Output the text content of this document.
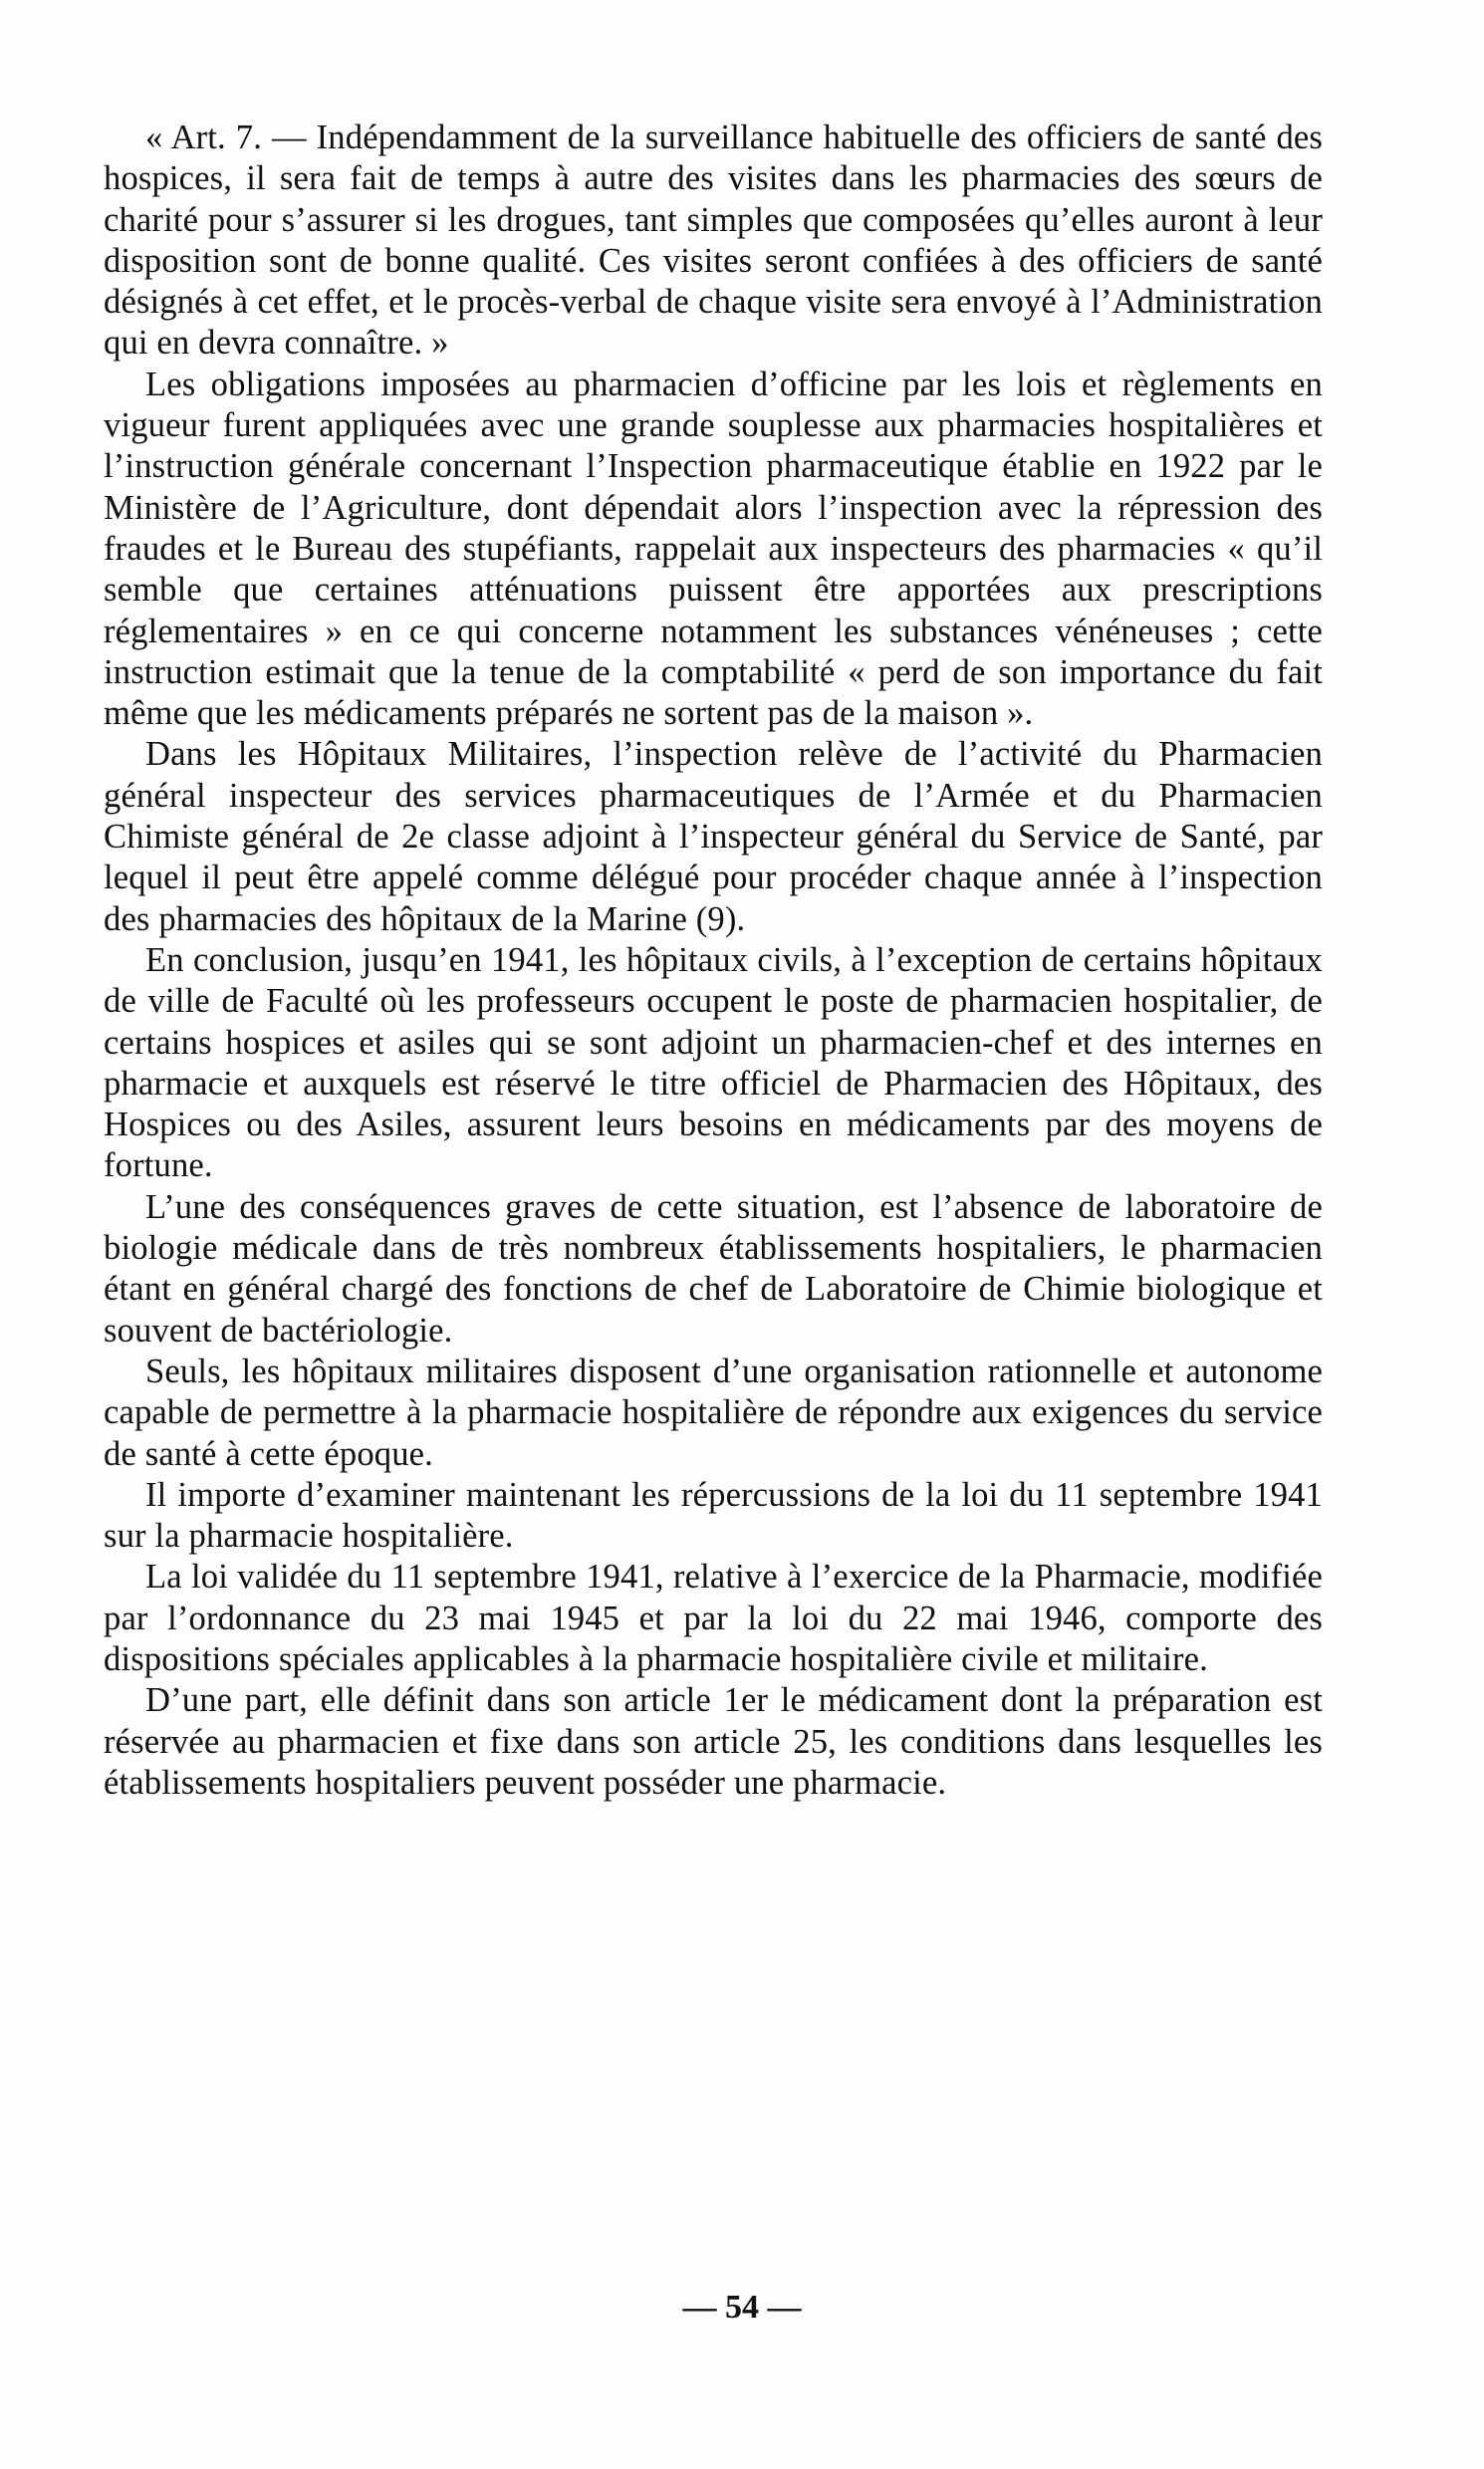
« Art. 7. — Indépendamment de la surveillance habituelle des officiers de santé des hospices, il sera fait de temps à autre des visites dans les pharmacies des sœurs de charité pour s’assurer si les drogues, tant simples que composées qu’elles auront à leur disposition sont de bonne qualité. Ces visites seront confiées à des officiers de santé désignés à cet effet, et le procès-verbal de chaque visite sera envoyé à l’Administration qui en devra connaître. »

Les obligations imposées au pharmacien d’officine par les lois et règlements en vigueur furent appliquées avec une grande souplesse aux pharmacies hospitalières et l’instruction générale concernant l’Inspection pharmaceutique établie en 1922 par le Ministère de l’Agriculture, dont dépendait alors l’inspection avec la répression des fraudes et le Bureau des stupéfiants, rappelait aux inspecteurs des pharmacies « qu’il semble que certaines atténuations puissent être apportées aux prescriptions réglementaires » en ce qui concerne notamment les substances vénéneuses ; cette instruction estimait que la tenue de la comptabilité « perd de son importance du fait même que les médicaments préparés ne sortent pas de la maison ».

Dans les Hôpitaux Militaires, l’inspection relève de l’activité du Pharmacien général inspecteur des services pharmaceutiques de l’Armée et du Pharmacien Chimiste général de 2e classe adjoint à l’inspecteur général du Service de Santé, par lequel il peut être appelé comme délégué pour procéder chaque année à l’inspection des pharmacies des hôpitaux de la Marine (9).

En conclusion, jusqu’en 1941, les hôpitaux civils, à l’exception de certains hôpitaux de ville de Faculté où les professeurs occupent le poste de pharmacien hospitalier, de certains hospices et asiles qui se sont adjoint un pharmacien-chef et des internes en pharmacie et auxquels est réservé le titre officiel de Pharmacien des Hôpitaux, des Hospices ou des Asiles, assurent leurs besoins en médicaments par des moyens de fortune.

L’une des conséquences graves de cette situation, est l’absence de laboratoire de biologie médicale dans de très nombreux établissements hospitaliers, le pharmacien étant en général chargé des fonctions de chef de Laboratoire de Chimie biologique et souvent de bactériologie.

Seuls, les hôpitaux militaires disposent d’une organisation rationnelle et autonome capable de permettre à la pharmacie hospitalière de répondre aux exigences du service de santé à cette époque.

Il importe d’examiner maintenant les répercussions de la loi du 11 septembre 1941 sur la pharmacie hospitalière.

La loi validée du 11 septembre 1941, relative à l’exercice de la Pharmacie, modifiée par l’ordonnance du 23 mai 1945 et par la loi du 22 mai 1946, comporte des dispositions spéciales applicables à la pharmacie hospitalière civile et militaire.

D’une part, elle définit dans son article 1er le médicament dont la préparation est réservée au pharmacien et fixe dans son article 25, les conditions dans lesquelles les établissements hospitaliers peuvent posséder une pharmacie.

— 54 —
